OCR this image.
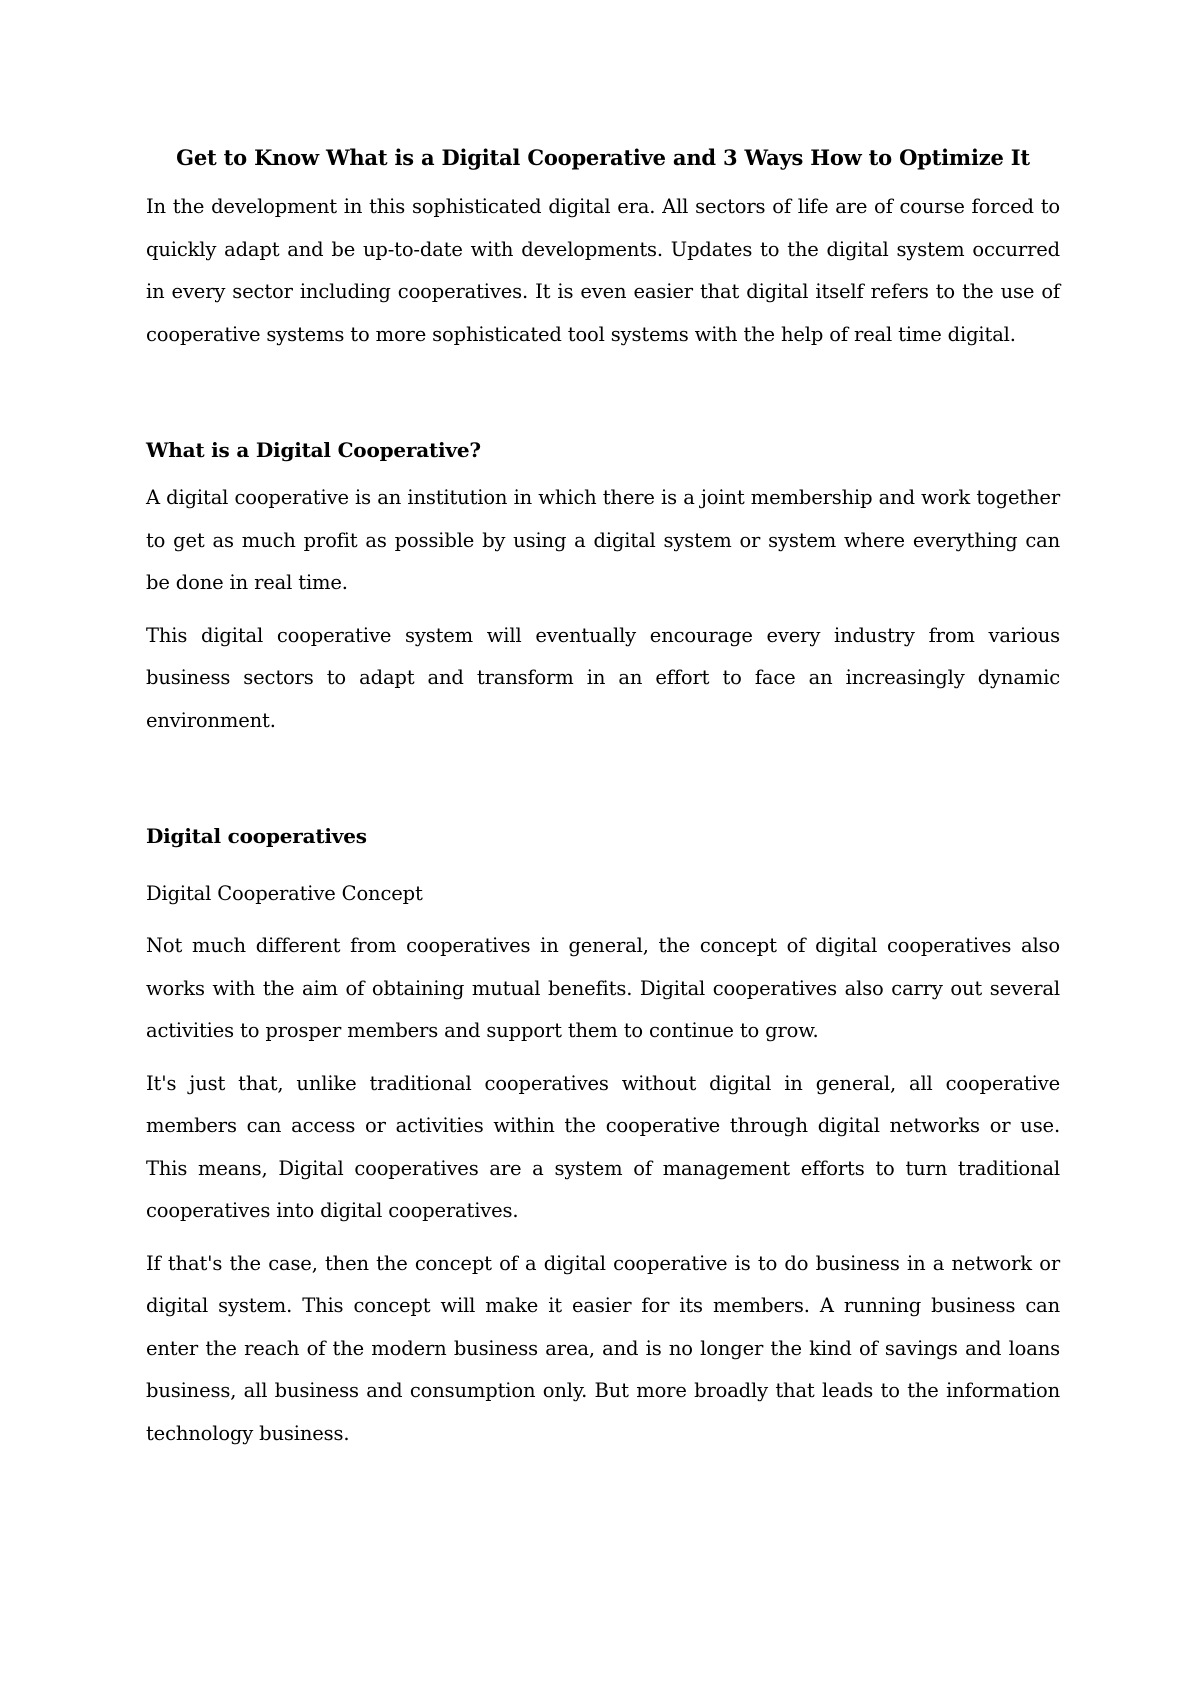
Get to Know What is a Digital Cooperative and 3 Ways How to Optimize It

In the development in this sophisticated digital era. All sectors of life are of course forced to quickly adapt and be up-to-date with developments. Updates to the digital system occurred in every sector including cooperatives. It is even easier that digital itself refers to the use of cooperative systems to more sophisticated tool systems with the help of real time digital.

What is a Digital Cooperative?

A digital cooperative is an institution in which there is a joint membership and work together to get as much profit as possible by using a digital system or system where everything can be done in real time.

This digital cooperative system will eventually encourage every industry from various business sectors to adapt and transform in an effort to face an increasingly dynamic environment.

Digital cooperatives

Digital Cooperative Concept

Not much different from cooperatives in general, the concept of digital cooperatives also works with the aim of obtaining mutual benefits. Digital cooperatives also carry out several activities to prosper members and support them to continue to grow.

It's just that, unlike traditional cooperatives without digital in general, all cooperative members can access or activities within the cooperative through digital networks or use. This means, Digital cooperatives are a system of management efforts to turn traditional cooperatives into digital cooperatives.

If that's the case, then the concept of a digital cooperative is to do business in a network or digital system. This concept will make it easier for its members. A running business can enter the reach of the modern business area, and is no longer the kind of savings and loans business, all business and consumption only. But more broadly that leads to the information technology business.
